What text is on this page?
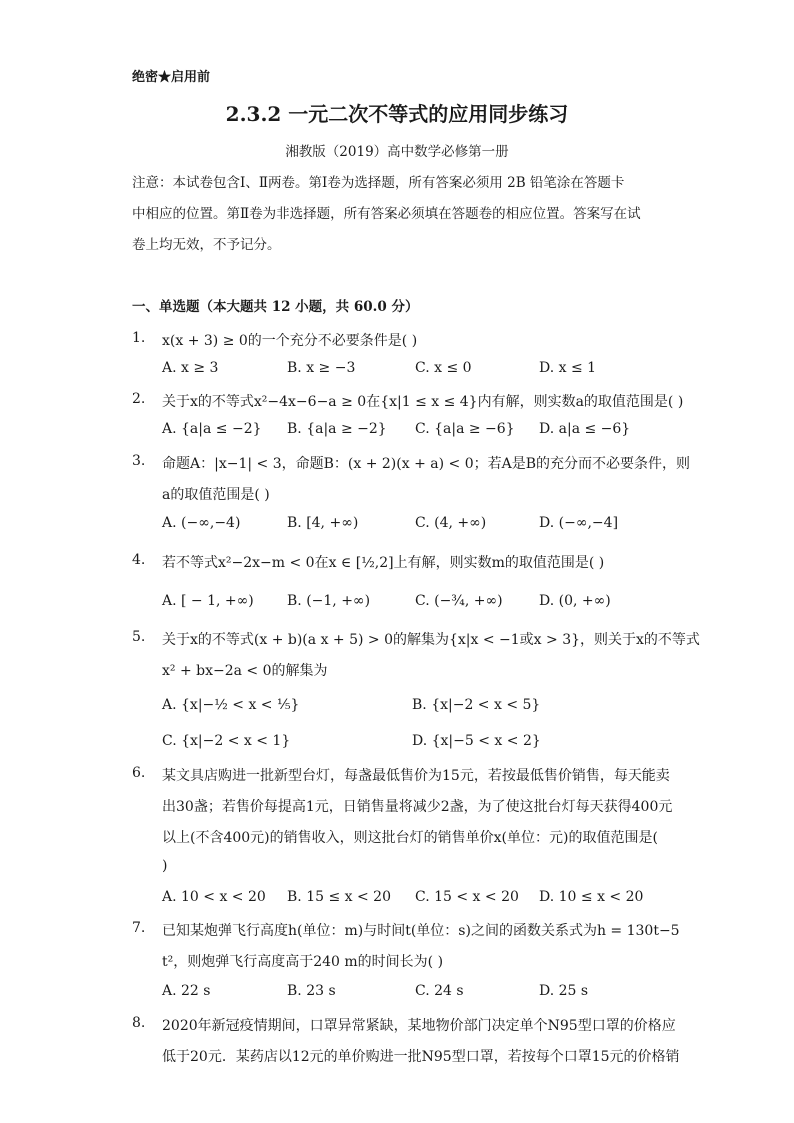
绝密★启用前
2.3.2 一元二次不等式的应用同步练习
湘教版（2019）高中数学必修第一册
注意：本试卷包含Ⅰ、Ⅱ两卷。第Ⅰ卷为选择题，所有答案必须用 2B 铅笔涂在答题卡
中相应的位置。第Ⅱ卷为非选择题，所有答案必须填在答题卷的相应位置。答案写在试
卷上均无效，不予记分。
一、单选题（本大题共 12 小题，共 60.0 分）
1. x(x + 3) ≥ 0的一个充分不必要条件是( )
A. x ≥ 3	B. x ≥ −3	C. x ≤ 0	D. x ≤ 1
2. 关于x的不等式x²−4x−6−a ≥ 0在{x|1 ≤ x ≤ 4}内有解，则实数a的取值范围是( )
A. {a|a ≤ −2} B. {a|a ≥ −2} C. {a|a ≥ −6} D. a|a ≤ −6}
3. 命题A：|x−1| < 3，命题B：(x + 2)(x + a) < 0；若A是B的充分而不必要条件，则
a的取值范围是( )
A. (−∞,−4)	B. [4, +∞)	C. (4, +∞)	D. (−∞,−4]
4. 若不等式x²−2x−m < 0在x ∈ [½,2]上有解，则实数m的取值范围是( )
A. [ − 1, +∞) B. (−1, +∞)	C. (−¾, +∞)	D. (0, +∞)
5. 关于x的不等式(x + b)(a x + 5) > 0的解集为{x|x < −1或x > 3}，则关于x的不等式
x² + bx−2a < 0的解集为
A. {x|−½ < x < ⅕}	B. {x|−2 < x < 5}
C. {x|−2 < x < 1}	D. {x|−5 < x < 2}
6. 某文具店购进一批新型台灯，每盏最低售价为15元，若按最低售价销售，每天能卖
出30盏；若售价每提高1元，日销售量将减少2盏，为了使这批台灯每天获得400元
以上(不含400元)的销售收入，则这批台灯的销售单价x(单位：元)的取值范围是(
)
A. 10 < x < 20 B. 15 ≤ x < 20 C. 15 < x < 20 D. 10 ≤ x < 20
7. 已知某炮弹飞行高度h(单位：m)与时间t(单位：s)之间的函数关系式为h = 130t−5
t²，则炮弹飞行高度高于240 m的时间长为( )
A. 22 s	B. 23 s	C. 24 s	D. 25 s
8. 2020年新冠疫情期间，口罩异常紧缺，某地物价部门决定单个N95型口罩的价格应
低于20元．某药店以12元的单价购进一批N95型口罩，若按每个口罩15元的价格销
